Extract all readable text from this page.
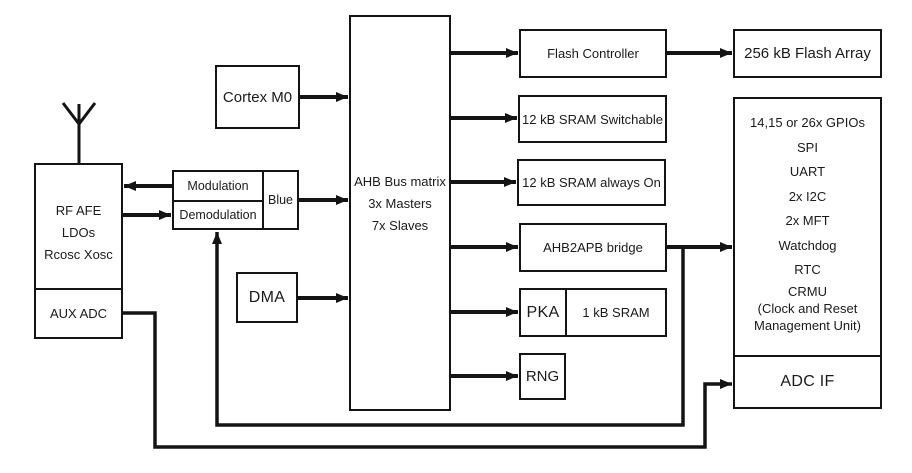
RF AFE
LDOs
Rcosc Xosc
AUX ADC
Modulation
Demodulation
Blue
Cortex M0
DMA
AHB Bus matrix
3x Masters
7x Slaves
Flash Controller
12 kB SRAM Switchable
12 kB SRAM always On
AHB2APB bridge
1 kB SRAM
PKA
RNG
256 kB Flash Array
14,15 or 26x GPIOs
SPI
UART
2x I2C
2x MFT
Watchdog
RTC
CRMU
(Clock and Reset
Management Unit)
ADC IF
